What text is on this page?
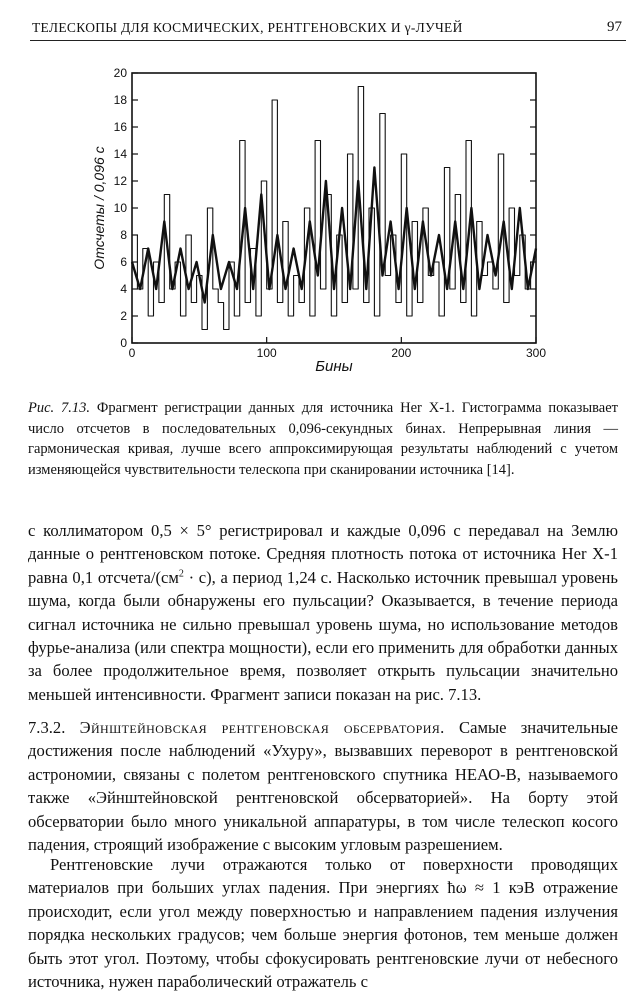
ТЕЛЕСКОПЫ ДЛЯ КОСМИЧЕСКИХ, РЕНТГЕНОВСКИХ И γ-ЛУЧЕЙ	97
0
2
4
6
8
10
12
14
16
18
20
0	100	200	300
Отсчеты / 0,096 с
Бины
Рис. 7.13. Фрагмент регистрации данных для источника Her X-1. Гистограмма показывает число отсчетов в последовательных 0,096-секундных бинах. Непрерывная линия — гармоническая кривая, лучше всего аппроксимирующая результаты наблюдений с учетом изменяющейся чувствительности телескопа при сканировании источника [14].

с коллиматором 0,5 × 5° регистрировал и каждые 0,096 с передавал на Землю данные о рентгеновском потоке. Средняя плотность потока от источника Her X-1 равна 0,1 отсчета/$(см^2 \cdot с)$, а период 1,24 с. Насколько источник превышал уровень шума, когда были обнаружены его пульсации? Оказывается, в течение периода сигнал источника не сильно превышал уровень шума, но использование методов фурье-анализа (или спектра мощности), если его применить для обработки данных за более продолжительное время, позволяет открыть пульсации значительно меньшей интенсивности. Фрагмент записи показан на рис. 7.13.

7.3.2. Эйнштейновская рентгеновская обсерватория. Самые значительные достижения после наблюдений «Ухуру», вызвавших переворот в рентгеновской астрономии, связаны с полетом рентгеновского спутника НЕАО-В, называемого также «Эйнштейновской рентгеновской обсерваторией». На борту этой обсерватории было много уникальной аппаратуры, в том числе телескоп косого падения, строящий изображение с высоким угловым разрешением.

Рентгеновские лучи отражаются только от поверхности проводящих материалов при больших углах падения. При энергиях ħω ≈ 1 кэВ отражение происходит, если угол между поверхностью и направлением падения излучения порядка нескольких градусов; чем больше энергия фотонов, тем меньше должен быть этот угол. Поэтому, чтобы сфокусировать рентгеновские лучи от небесного источника, нужен параболический отражатель с
